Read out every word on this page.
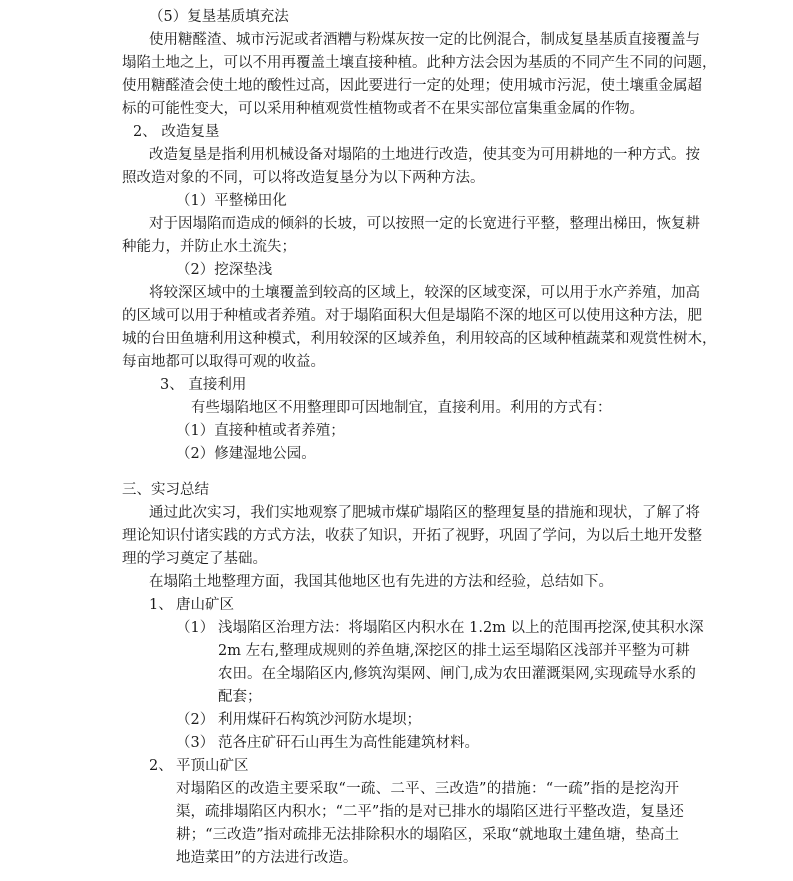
（5）复垦基质填充法
使用糖醛渣、城市污泥或者酒糟与粉煤灰按一定的比例混合，制成复垦基质直接覆盖与
塌陷土地之上，可以不用再覆盖土壤直接种植。此种方法会因为基质的不同产生不同的问题，
使用糖醛渣会使土地的酸性过高，因此要进行一定的处理；使用城市污泥，使土壤重金属超
标的可能性变大，可以采用种植观赏性植物或者不在果实部位富集重金属的作物。
2、 改造复垦
改造复垦是指利用机械设备对塌陷的土地进行改造，使其变为可用耕地的一种方式。按
照改造对象的不同，可以将改造复垦分为以下两种方法。
（1）平整梯田化
对于因塌陷而造成的倾斜的长坡，可以按照一定的长宽进行平整，整理出梯田，恢复耕
种能力，并防止水土流失；
（2）挖深垫浅
将较深区域中的土壤覆盖到较高的区域上，较深的区域变深，可以用于水产养殖，加高
的区域可以用于种植或者养殖。对于塌陷面积大但是塌陷不深的地区可以使用这种方法，肥
城的台田鱼塘利用这种模式，利用较深的区域养鱼，利用较高的区域种植蔬菜和观赏性树木，
每亩地都可以取得可观的收益。
3、 直接利用
有些塌陷地区不用整理即可因地制宜，直接利用。利用的方式有：
（1）直接种植或者养殖；
（2）修建湿地公园。
三、实习总结
通过此次实习，我们实地观察了肥城市煤矿塌陷区的整理复垦的措施和现状，了解了将
理论知识付诸实践的方式方法，收获了知识，开拓了视野，巩固了学问，为以后土地开发整
理的学习奠定了基础。
在塌陷土地整理方面，我国其他地区也有先进的方法和经验，总结如下。
1、 唐山矿区
（1） 浅塌陷区治理方法：将塌陷区内积水在 1.2m 以上的范围再挖深,使其积水深
2m 左右,整理成规则的养鱼塘,深挖区的排土运至塌陷区浅部并平整为可耕
农田。在全塌陷区内,修筑沟渠网、闸门,成为农田灌溉渠网,实现疏导水系的
配套；
（2） 利用煤矸石构筑沙河防水堤坝；
（3） 范各庄矿矸石山再生为高性能建筑材料。
2、 平顶山矿区
对塌陷区的改造主要采取“一疏、二平、三改造”的措施：“一疏”指的是挖沟开
渠，疏排塌陷区内积水；“二平”指的是对已排水的塌陷区进行平整改造，复垦还
耕；“三改造”指对疏排无法排除积水的塌陷区，采取“就地取土建鱼塘，垫高土
地造菜田”的方法进行改造。
